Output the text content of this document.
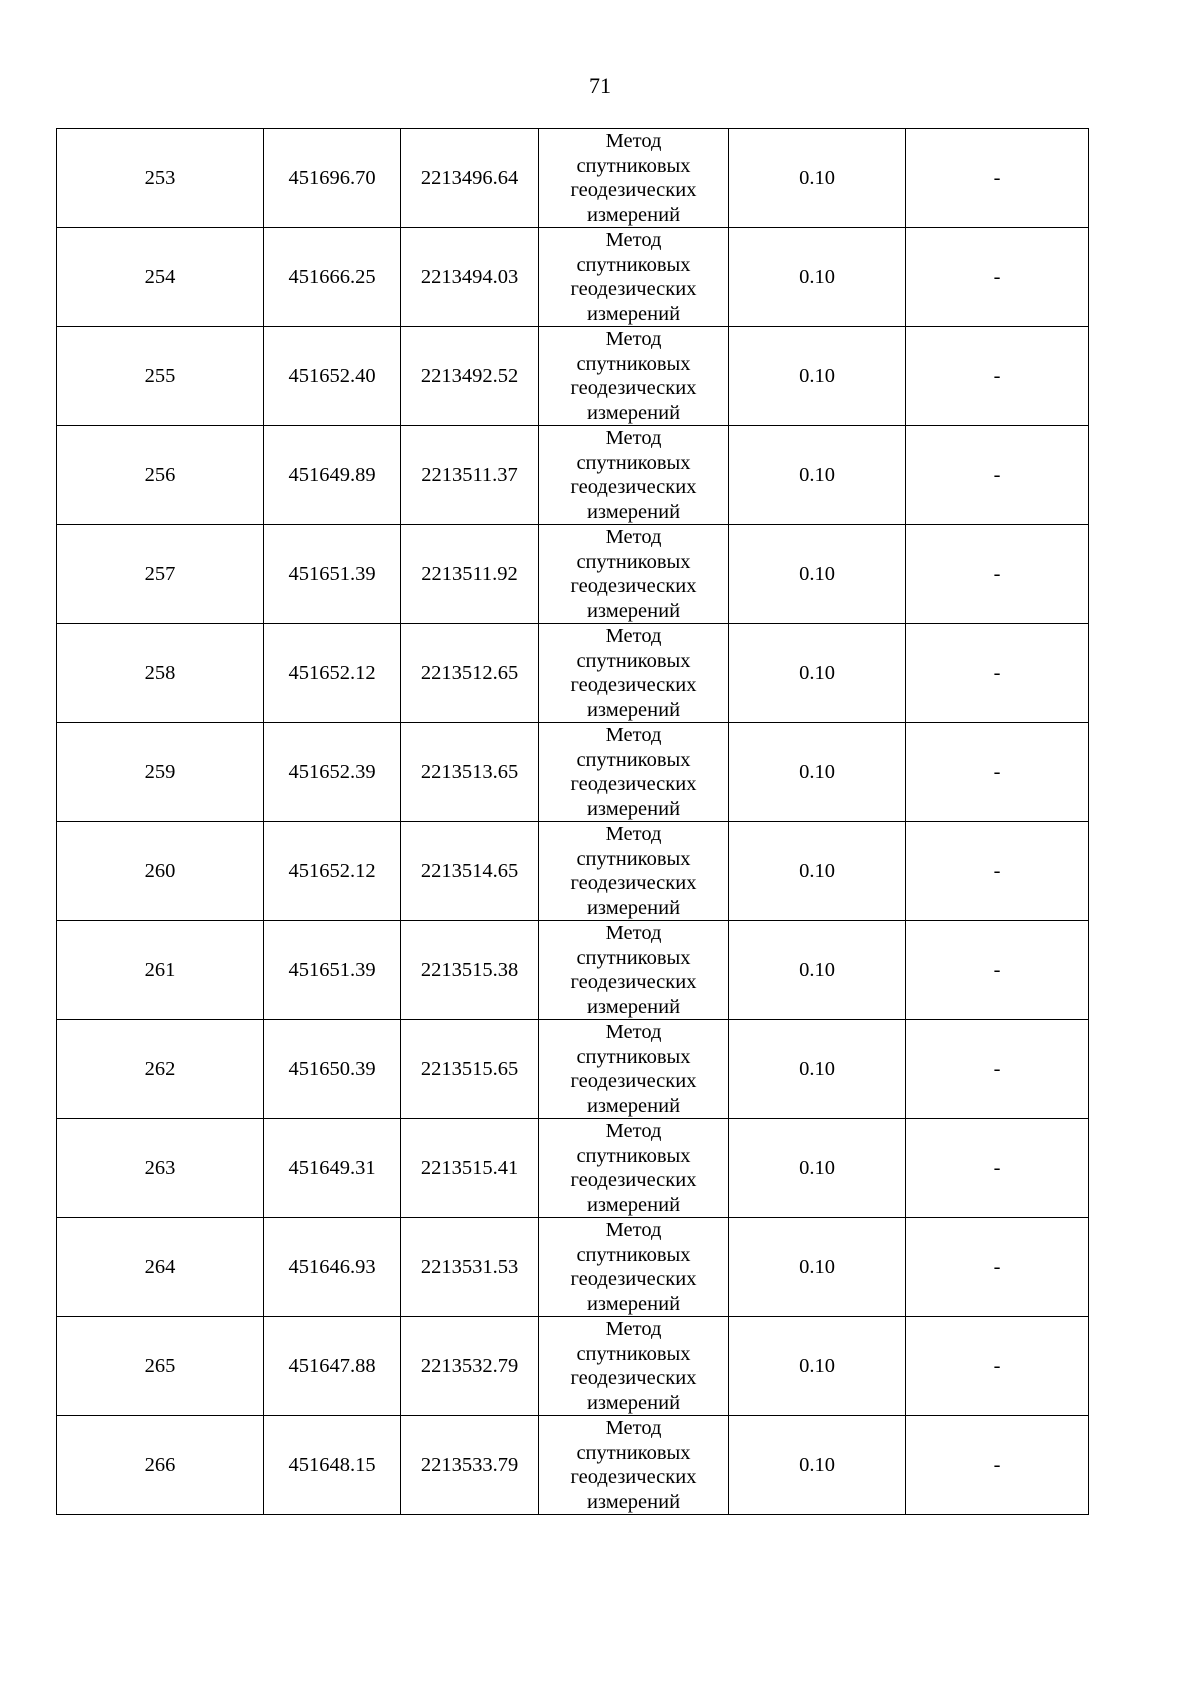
71
253	451696.70	2213496.64	Метод
спутниковых
геодезических
измерений	0.10	-
254	451666.25	2213494.03	Метод
спутниковых
геодезических
измерений	0.10	-
255	451652.40	2213492.52	Метод
спутниковых
геодезических
измерений	0.10	-
256	451649.89	2213511.37	Метод
спутниковых
геодезических
измерений	0.10	-
257	451651.39	2213511.92	Метод
спутниковых
геодезических
измерений	0.10	-
258	451652.12	2213512.65	Метод
спутниковых
геодезических
измерений	0.10	-
259	451652.39	2213513.65	Метод
спутниковых
геодезических
измерений	0.10	-
260	451652.12	2213514.65	Метод
спутниковых
геодезических
измерений	0.10	-
261	451651.39	2213515.38	Метод
спутниковых
геодезических
измерений	0.10	-
262	451650.39	2213515.65	Метод
спутниковых
геодезических
измерений	0.10	-
263	451649.31	2213515.41	Метод
спутниковых
геодезических
измерений	0.10	-
264	451646.93	2213531.53	Метод
спутниковых
геодезических
измерений	0.10	-
265	451647.88	2213532.79	Метод
спутниковых
геодезических
измерений	0.10	-
266	451648.15	2213533.79	Метод
спутниковых
геодезических
измерений	0.10	-
